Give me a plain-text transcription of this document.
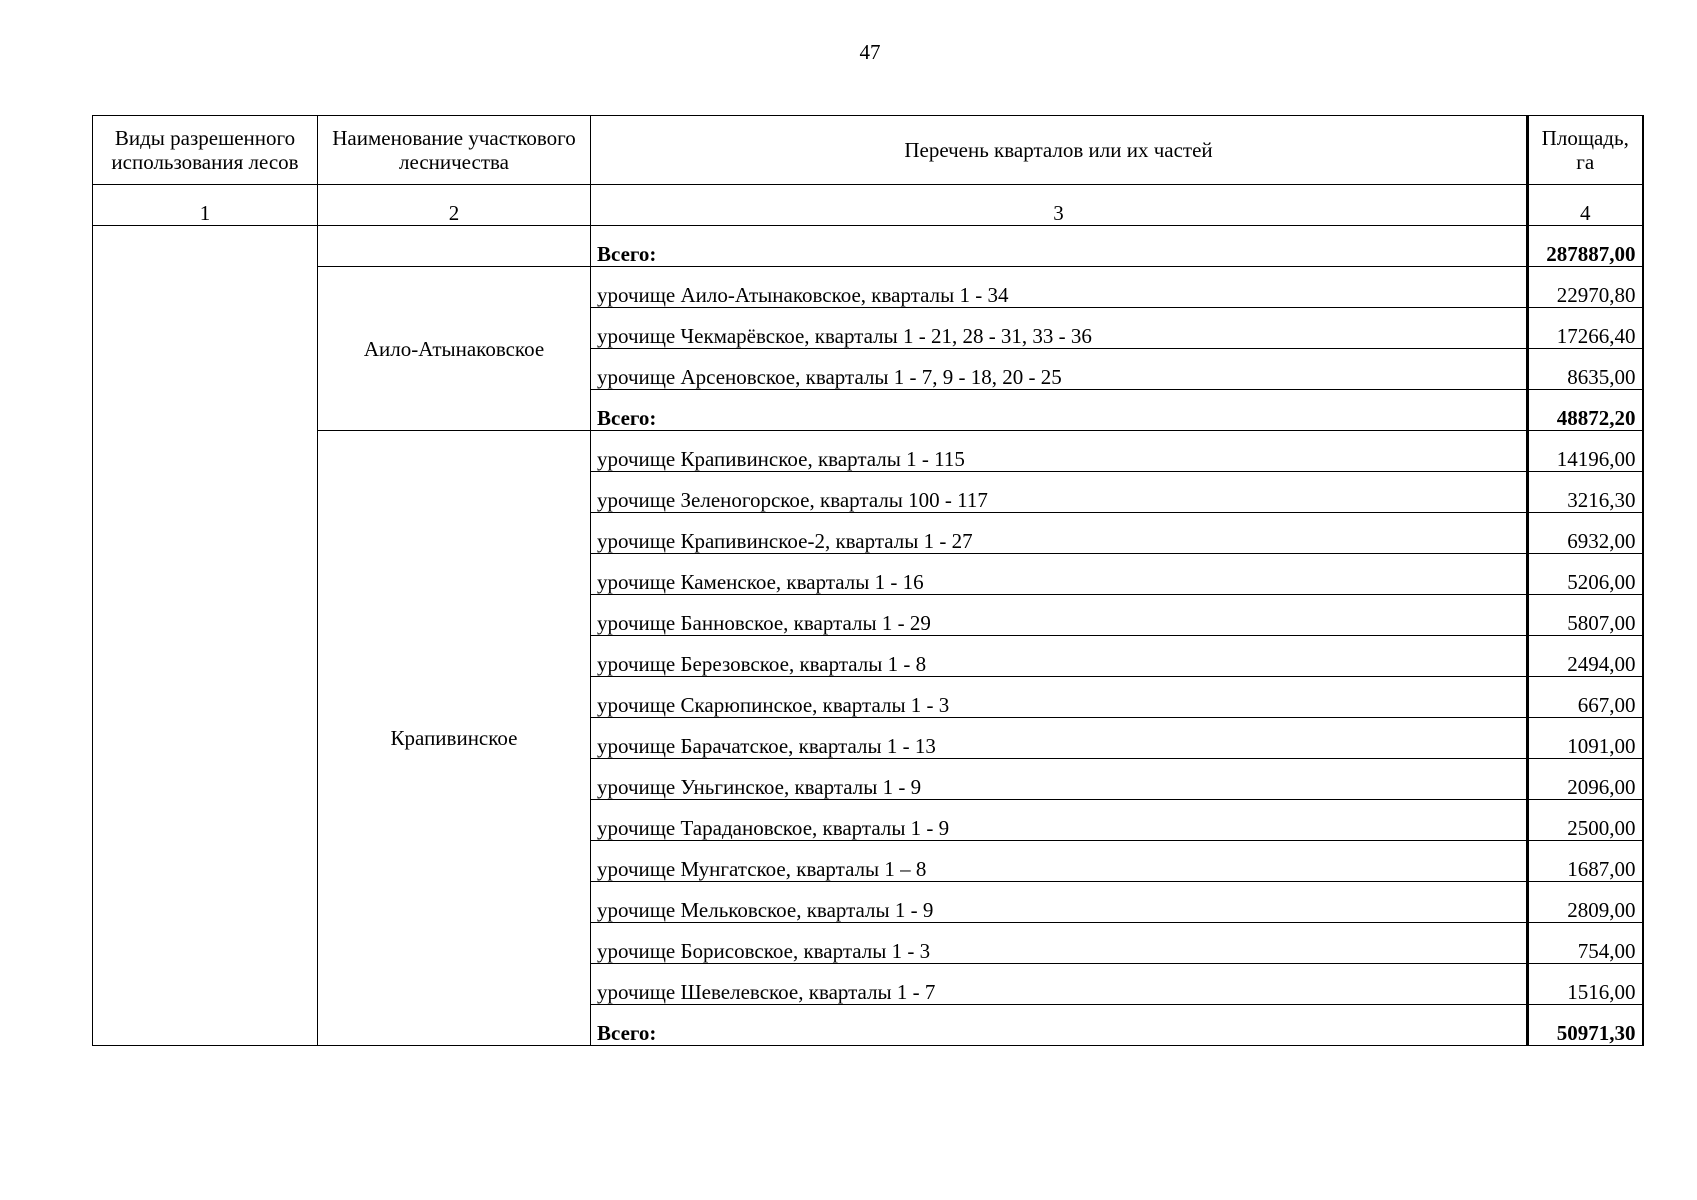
47
Виды разрешенного использования лесов	Наименование участкового лесничества	Перечень кварталов или их частей	Площадь, га
1	2	3	4
		Всего:	287887,00
	Аило-Атынаковское	урочище Аило-Атынаковское, кварталы 1 - 34	22970,80
		урочище Чекмарёвское, кварталы 1 - 21, 28 - 31, 33 - 36	17266,40
		урочище Арсеновское, кварталы 1 - 7, 9 - 18, 20 - 25	8635,00
		Всего:	48872,20
	Крапивинское	урочище Крапивинское, кварталы 1 - 115	14196,00
		урочище Зеленогорское, кварталы 100 - 117	3216,30
		урочище Крапивинское-2, кварталы 1 - 27	6932,00
		урочище Каменское, кварталы 1 - 16	5206,00
		урочище Банновское, кварталы 1 - 29	5807,00
		урочище Березовское, кварталы 1 - 8	2494,00
		урочище Скарюпинское, кварталы 1 - 3	667,00
		урочище Барачатское, кварталы 1 - 13	1091,00
		урочище Уньгинское, кварталы 1 - 9	2096,00
		урочище Тарадановское, кварталы 1 - 9	2500,00
		урочище Мунгатское, кварталы 1 – 8	1687,00
		урочище Мельковское, кварталы 1 - 9	2809,00
		урочище Борисовское, кварталы 1 - 3	754,00
		урочище Шевелевское, кварталы 1 - 7	1516,00
		Всего:	50971,30
